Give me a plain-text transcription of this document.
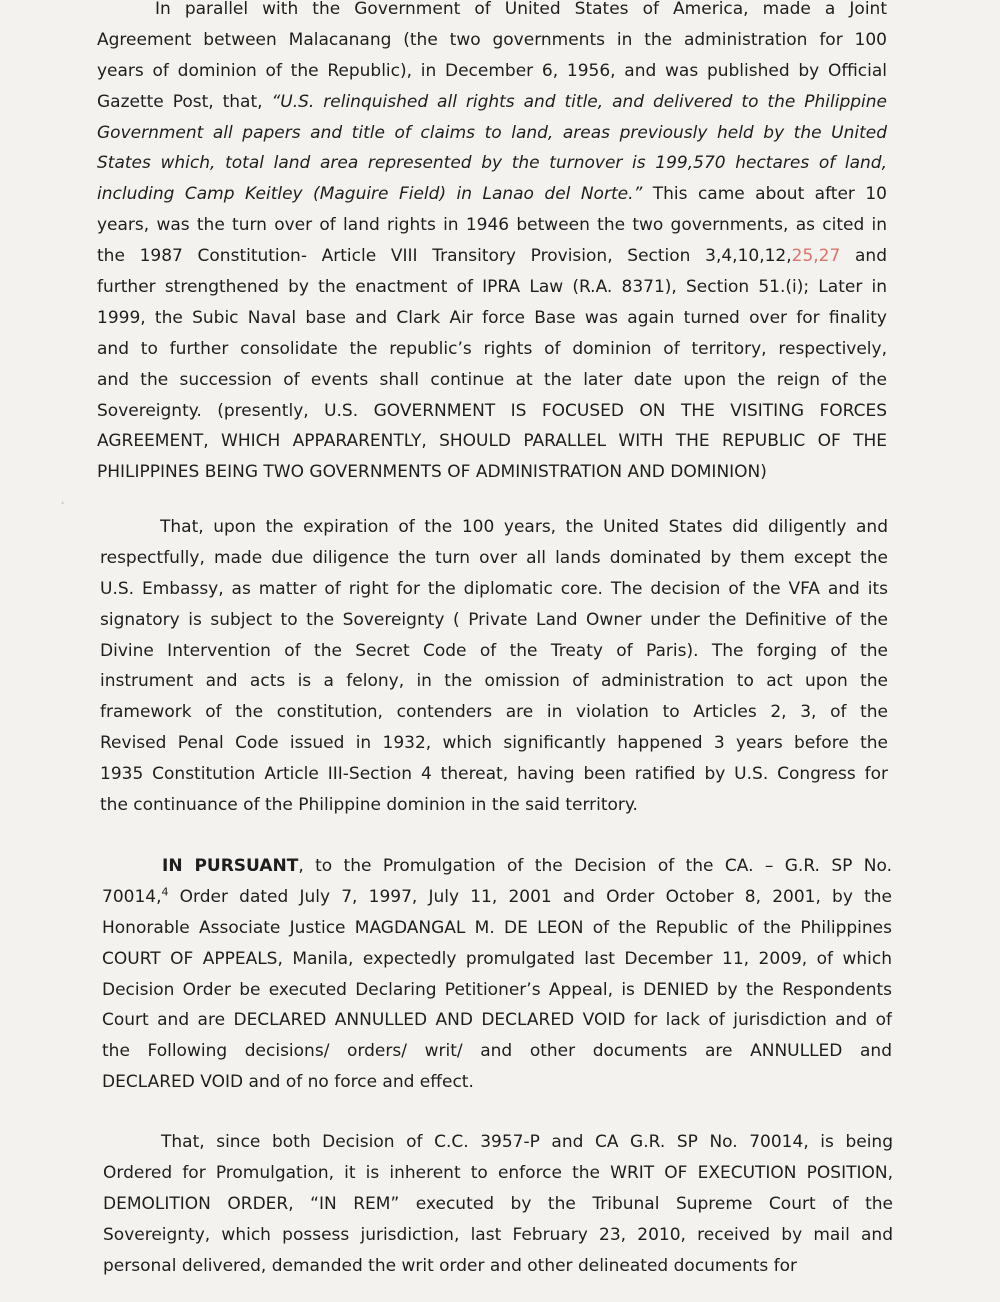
.
In parallel with the Government of United States of America, made a Joint
Agreement between Malacanang (the two governments in the administration for 100
years of dominion of the Republic), in December 6, 1956, and was published by Official
Gazette Post, that, “U.S. relinquished all rights and title, and delivered to the Philippine
Government all papers and title of claims to land, areas previously held by the United
States which, total land area represented by the turnover is 199,570 hectares of land,
including Camp Keitley (Maguire Field) in Lanao del Norte.” This came about after 10
years, was the turn over of land rights in 1946 between the two governments, as cited in
the 1987 Constitution- Article VIII Transitory Provision, Section 3,4,10,12,25,27 and
further strengthened by the enactment of IPRA Law (R.A. 8371), Section 51.(i); Later in
1999, the Subic Naval base and Clark Air force Base was again turned over for finality
and to further consolidate the republic’s rights of dominion of territory, respectively,
and the succession of events shall continue at the later date upon the reign of the
Sovereignty. (presently, U.S. GOVERNMENT IS FOCUSED ON THE VISITING FORCES
AGREEMENT, WHICH APPARARENTLY, SHOULD PARALLEL WITH THE REPUBLIC OF THE
PHILIPPINES BEING TWO GOVERNMENTS OF ADMINISTRATION AND DOMINION)
That, upon the expiration of the 100 years, the United States did diligently and
respectfully, made due diligence the turn over all lands dominated by them except the
U.S. Embassy, as matter of right for the diplomatic core. The decision of the VFA and its
signatory is subject to the Sovereignty ( Private Land Owner under the Definitive of the
Divine Intervention of the Secret Code of the Treaty of Paris). The forging of the
instrument and acts is a felony, in the omission of administration to act upon the
framework of the constitution, contenders are in violation to Articles 2, 3, of the
Revised Penal Code issued in 1932, which significantly happened 3 years before the
1935 Constitution Article III-Section 4 thereat, having been ratified by U.S. Congress for
the continuance of the Philippine dominion in the said territory.
IN PURSUANT, to the Promulgation of the Decision of the CA. – G.R. SP No.
70014,$^4$ Order dated July 7, 1997, July 11, 2001 and Order October 8, 2001, by the
Honorable Associate Justice MAGDANGAL M. DE LEON of the Republic of the Philippines
COURT OF APPEALS, Manila, expectedly promulgated last December 11, 2009, of which
Decision Order be executed Declaring Petitioner’s Appeal, is DENIED by the Respondents
Court and are DECLARED ANNULLED AND DECLARED VOID for lack of jurisdiction and of
the Following decisions/ orders/ writ/ and other documents are ANNULLED and
DECLARED VOID and of no force and effect.
That, since both Decision of C.C. 3957-P and CA G.R. SP No. 70014, is being
Ordered for Promulgation, it is inherent to enforce the WRIT OF EXECUTION POSITION,
DEMOLITION ORDER, “IN REM” executed by the Tribunal Supreme Court of the
Sovereignty, which possess jurisdiction, last February 23, 2010, received by mail and
personal delivered, demanded the writ order and other delineated documents for
